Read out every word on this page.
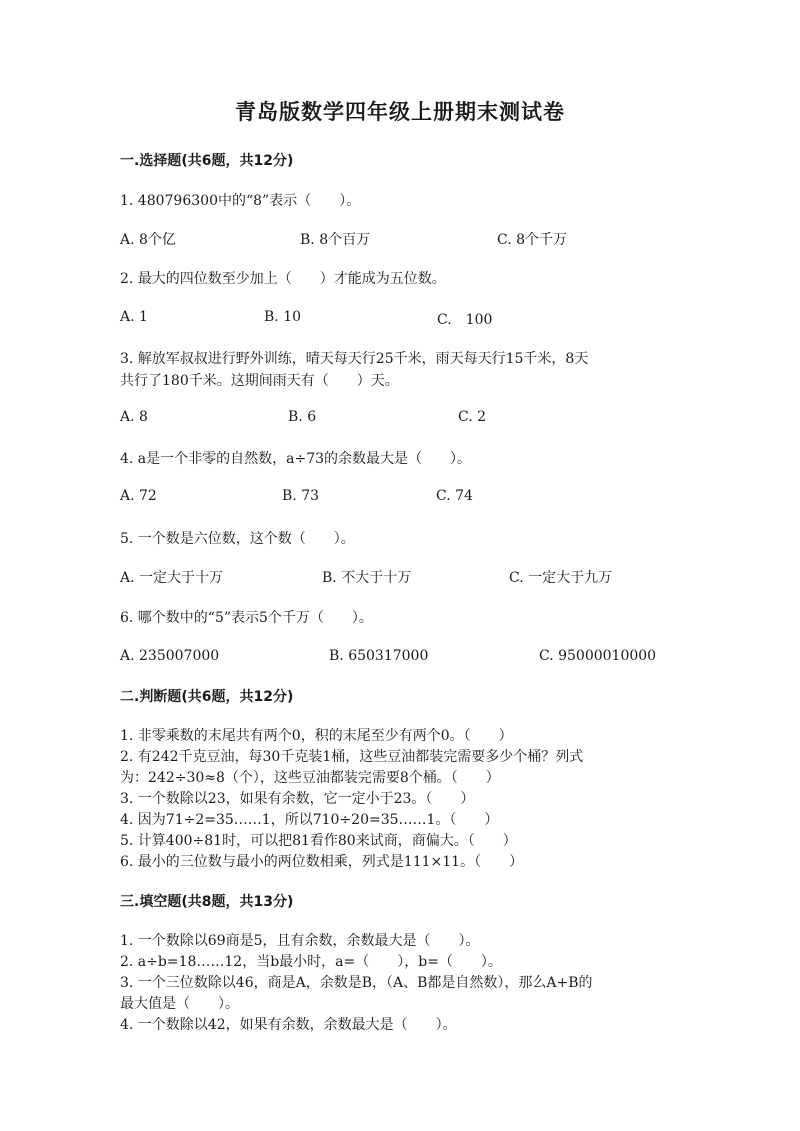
青岛版数学四年级上册期末测试卷
一.选择题(共6题，共12分)
1. 480796300中的“8”表示（　　）。
A. 8个亿	B. 8个百万	C. 8个千万
2. 最大的四位数至少加上（　　）才能成为五位数。
A. 1	B. 10	C.　100
3. 解放军叔叔进行野外训练，晴天每天行25千米，雨天每天行15千米，8天
共行了180千米。这期间雨天有（　　）天。
A. 8	B. 6	C. 2
4. a是一个非零的自然数，a÷73的余数最大是（　　）。
A. 72	B. 73	C. 74
5. 一个数是六位数，这个数（　　）。
A. 一定大于十万	B. 不大于十万	C. 一定大于九万
6. 哪个数中的“5”表示5个千万（　　）。
A. 235007000	B. 650317000	C. 95000010000
二.判断题(共6题，共12分)
1. 非零乘数的末尾共有两个0，积的末尾至少有两个0。（　　）
2. 有242千克豆油，每30千克装1桶，这些豆油都装完需要多少个桶？列式
为：242÷30≈8（个），这些豆油都装完需要8个桶。（　　）
3. 一个数除以23，如果有余数，它一定小于23。（　　）
4. 因为71÷2=35……1，所以710÷20=35……1。（　　）
5. 计算400÷81时，可以把81看作80来试商，商偏大。（　　）
6. 最小的三位数与最小的两位数相乘，列式是111×11。（　　）
三.填空题(共8题，共13分)
1. 一个数除以69商是5，且有余数，余数最大是（　　）。
2. a÷b=18……12，当b最小时，a=（　　），b=（　　）。
3. 一个三位数除以46，商是A，余数是B，（A、B都是自然数），那么A+B的
最大值是（　　）。
4. 一个数除以42，如果有余数，余数最大是（　　）。
